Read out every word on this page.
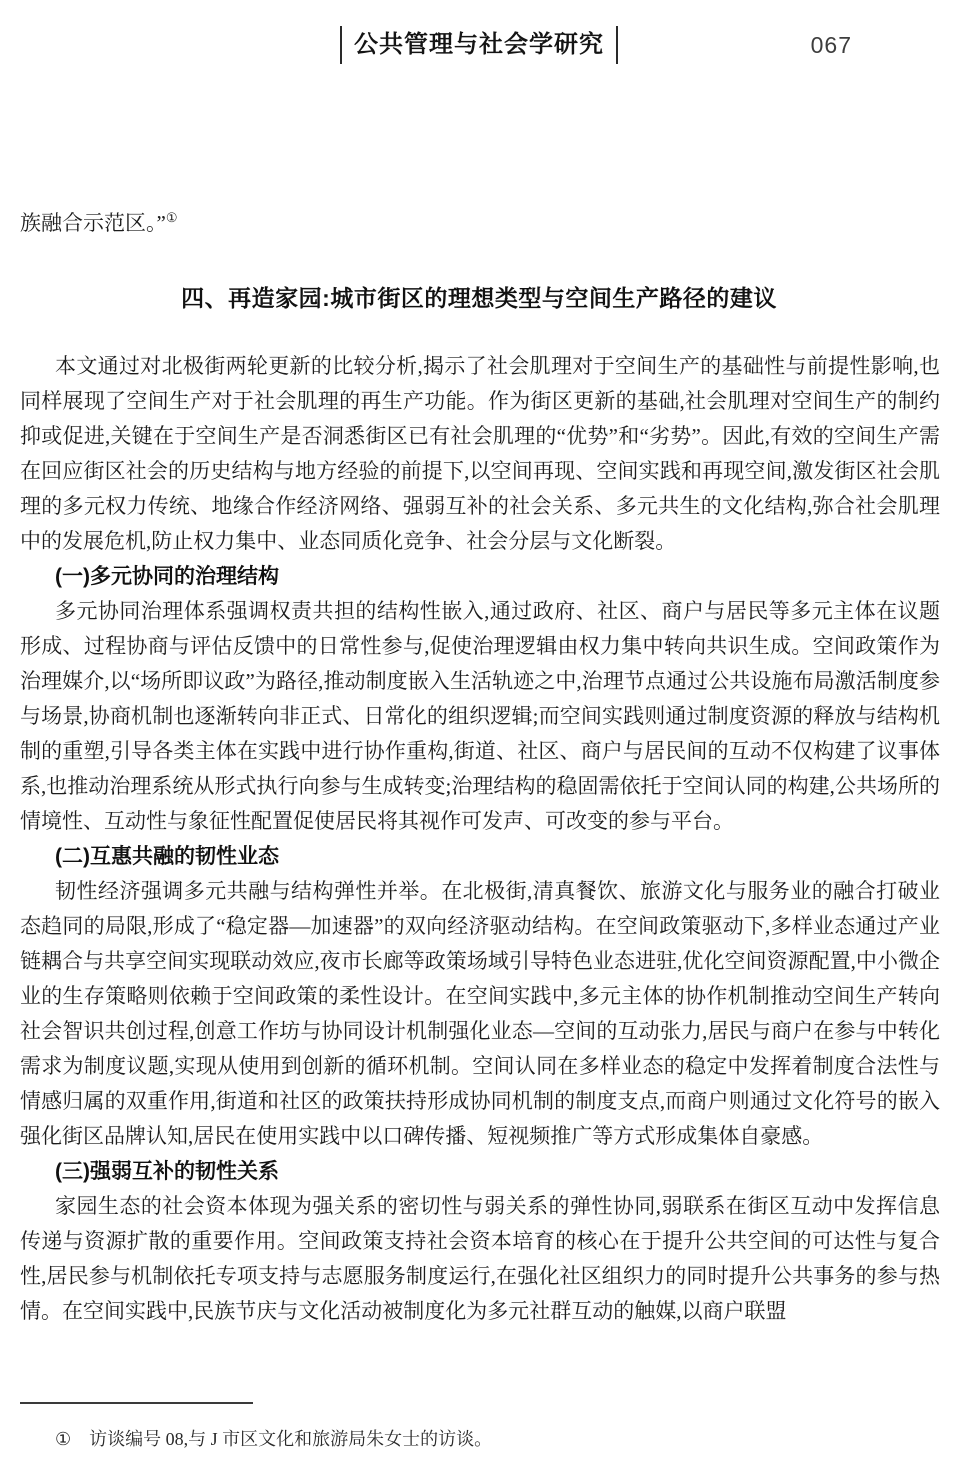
公共管理与社会学研究	067

族融合示范区。”①

四、再造家园:城市街区的理想类型与空间生产路径的建议

本文通过对北极街两轮更新的比较分析,揭示了社会肌理对于空间生产的基础性与前提性影响,也同样展现了空间生产对于社会肌理的再生产功能。作为街区更新的基础,社会肌理对空间生产的制约抑或促进,关键在于空间生产是否洞悉街区已有社会肌理的“优势”和“劣势”。因此,有效的空间生产需在回应街区社会的历史结构与地方经验的前提下,以空间再现、空间实践和再现空间,激发街区社会肌理的多元权力传统、地缘合作经济网络、强弱互补的社会关系、多元共生的文化结构,弥合社会肌理中的发展危机,防止权力集中、业态同质化竞争、社会分层与文化断裂。

(一)多元协同的治理结构

多元协同治理体系强调权责共担的结构性嵌入,通过政府、社区、商户与居民等多元主体在议题形成、过程协商与评估反馈中的日常性参与,促使治理逻辑由权力集中转向共识生成。空间政策作为治理媒介,以“场所即议政”为路径,推动制度嵌入生活轨迹之中,治理节点通过公共设施布局激活制度参与场景,协商机制也逐渐转向非正式、日常化的组织逻辑;而空间实践则通过制度资源的释放与结构机制的重塑,引导各类主体在实践中进行协作重构,街道、社区、商户与居民间的互动不仅构建了议事体系,也推动治理系统从形式执行向参与生成转变;治理结构的稳固需依托于空间认同的构建,公共场所的情境性、互动性与象征性配置促使居民将其视作可发声、可改变的参与平台。

(二)互惠共融的韧性业态

韧性经济强调多元共融与结构弹性并举。在北极街,清真餐饮、旅游文化与服务业的融合打破业态趋同的局限,形成了“稳定器—加速器”的双向经济驱动结构。在空间政策驱动下,多样业态通过产业链耦合与共享空间实现联动效应,夜市长廊等政策场域引导特色业态进驻,优化空间资源配置,中小微企业的生存策略则依赖于空间政策的柔性设计。在空间实践中,多元主体的协作机制推动空间生产转向社会智识共创过程,创意工作坊与协同设计机制强化业态—空间的互动张力,居民与商户在参与中转化需求为制度议题,实现从使用到创新的循环机制。空间认同在多样业态的稳定中发挥着制度合法性与情感归属的双重作用,街道和社区的政策扶持形成协同机制的制度支点,而商户则通过文化符号的嵌入强化街区品牌认知,居民在使用实践中以口碑传播、短视频推广等方式形成集体自豪感。

(三)强弱互补的韧性关系

家园生态的社会资本体现为强关系的密切性与弱关系的弹性协同,弱联系在街区互动中发挥信息传递与资源扩散的重要作用。空间政策支持社会资本培育的核心在于提升公共空间的可达性与复合性,居民参与机制依托专项支持与志愿服务制度运行,在强化社区组织力的同时提升公共事务的参与热情。在空间实践中,民族节庆与文化活动被制度化为多元社群互动的触媒,以商户联盟

① 访谈编号 08,与 J 市区文化和旅游局朱女士的访谈。
